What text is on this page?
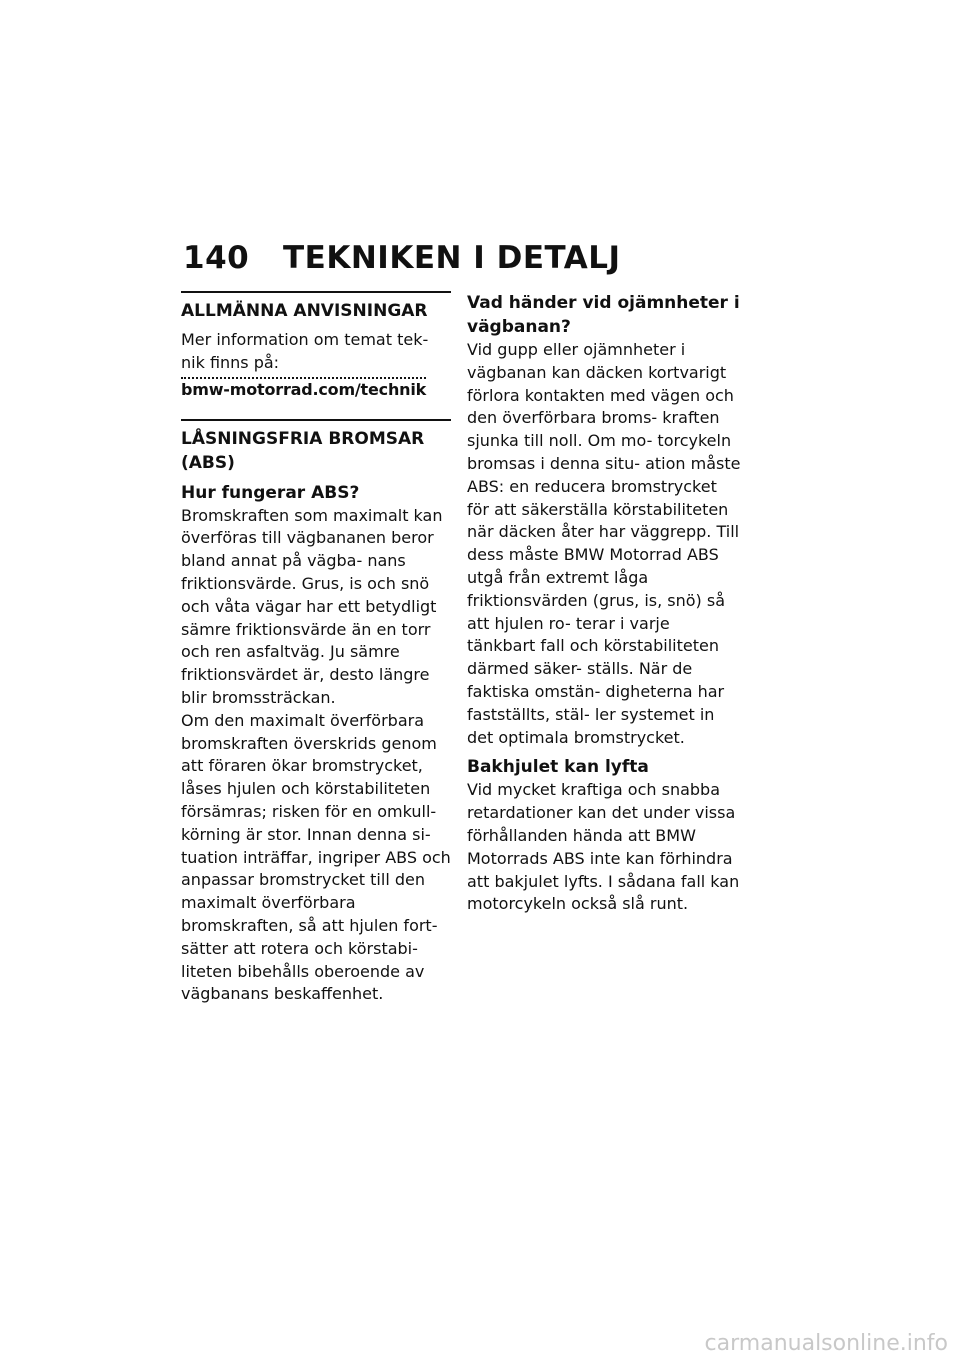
140 TEKNIKEN I DETALJ
ALLMÄNNA ANVISNINGAR

Mer information om temat tek- nik finns på:

bmw-motorrad.com/technik
LÅSNINGSFRIA BROMSAR (ABS)
Hur fungerar ABS?

Bromskraften som maximalt kan överföras till vägbananen beror bland annat på vägba- nans friktionsvärde. Grus, is och snö och våta vägar har ett betydligt sämre friktionsvärde än en torr och ren asfaltväg. Ju sämre friktionsvärdet är, desto längre blir bromssträckan.

Om den maximalt överförbara bromskraften överskrids genom att föraren ökar bromstrycket, låses hjulen och körstabiliteten försämras; risken för en omkull- körning är stor. Innan denna si- tuation inträffar, ingriper ABS och anpassar bromstrycket till den maximalt överförbara bromskraften, så att hjulen fort- sätter att rotera och körstabi- liteten bibehålls oberoende av vägbanans beskaffenhet.

Vad händer vid ojämnheter i vägbanan?

Vid gupp eller ojämnheter i vägbanan kan däcken kortvarigt förlora kontakten med vägen och den överförbara broms- kraften sjunka till noll. Om mo- torcykeln bromsas i denna situ- ation måste ABS: en reducera bromstrycket för att säkerställa körstabiliteten när däcken åter har väggrepp. Till dess måste BMW Motorrad ABS utgå från extremt låga friktionsvärden (grus, is, snö) så att hjulen ro- terar i varje tänkbart fall och körstabiliteten därmed säker- ställs. När de faktiska omstän- digheterna har fastställts, stäl- ler systemet in det optimala bromstrycket.

Bakhjulet kan lyfta

Vid mycket kraftiga och snabba retardationer kan det under vissa förhållanden hända att BMW Motorrads ABS inte kan förhindra att bakjulet lyfts. I sådana fall kan motorcykeln också slå runt.

carmanualsonline.info
